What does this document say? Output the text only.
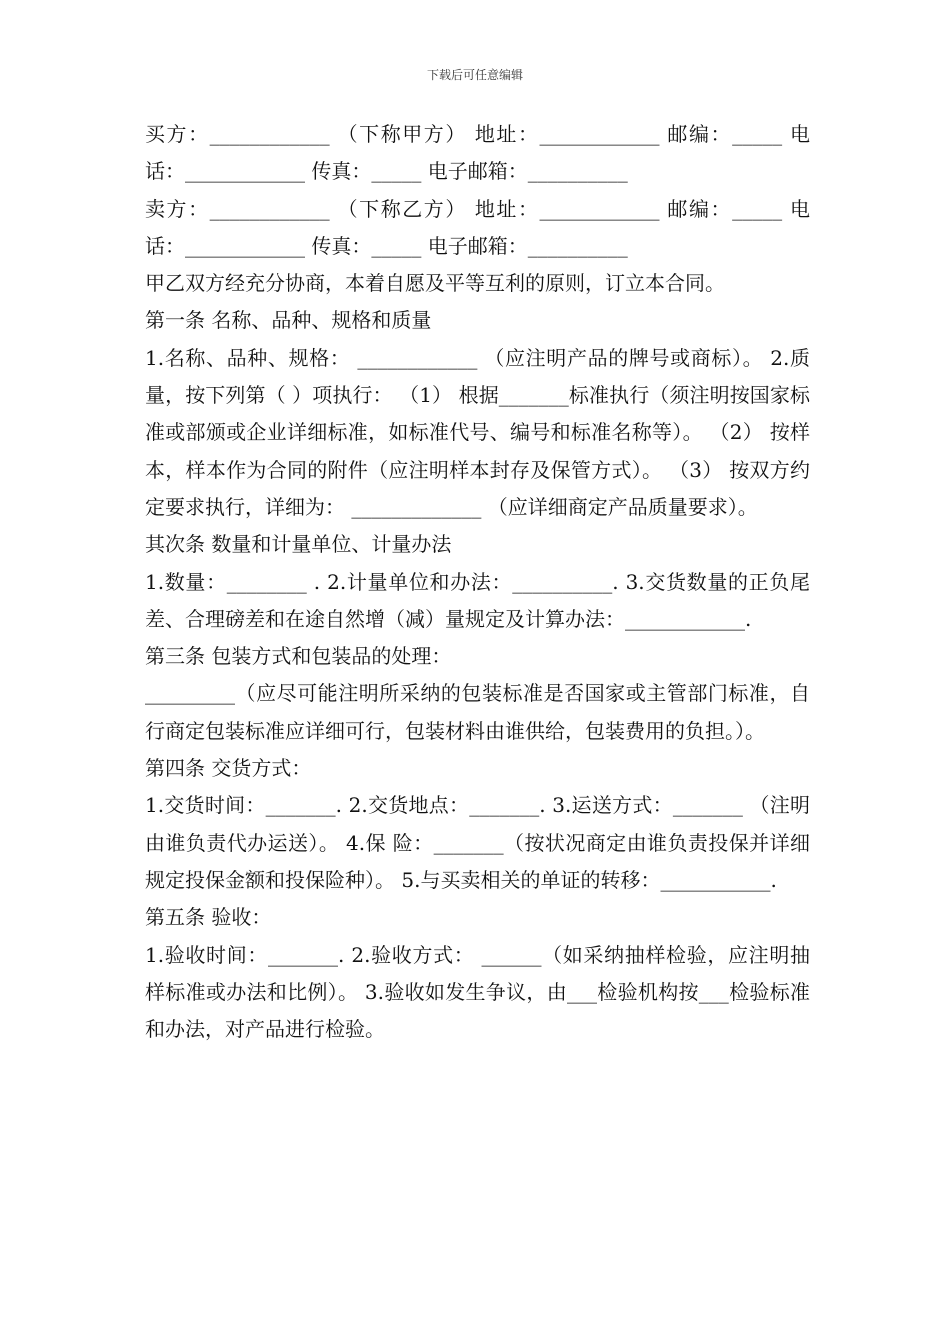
下载后可任意编辑

买方：____________ （下称甲方） 地址：____________ 邮编：_____ 电话：____________ 传真：_____ 电子邮箱：__________

卖方：____________ （下称乙方） 地址：____________ 邮编：_____ 电话：____________ 传真：_____ 电子邮箱：__________

甲乙双方经充分协商，本着自愿及平等互利的原则，订立本合同。

第一条 名称、品种、规格和质量

1.名称、品种、规格： ____________ （应注明产品的牌号或商标）。 2.质量，按下列第（ ）项执行： （1） 根据_______标准执行（须注明按国家标准或部颁或企业详细标准，如标准代号、编号和标准名称等）。 （2） 按样本，样本作为合同的附件（应注明样本封存及保管方式）。 （3） 按双方约定要求执行，详细为： _____________ （应详细商定产品质量要求）。

其次条 数量和计量单位、计量办法

1.数量：________ . 2.计量单位和办法：__________. 3.交货数量的正负尾差、合理磅差和在途自然增（减）量规定及计算办法：____________.

第三条 包装方式和包装品的处理：

_________（应尽可能注明所采纳的包装标准是否国家或主管部门标准，自行商定包装标准应详细可行，包装材料由谁供给，包装费用的负担。）。

第四条 交货方式：

1.交货时间：_______. 2.交货地点：_______. 3.运送方式：_______ （注明由谁负责代办运送）。 4.保 险：_______（按状况商定由谁负责投保并详细规定投保金额和投保险种）。 5.与买卖相关的单证的转移：___________.

第五条 验收：

1.验收时间：_______. 2.验收方式： ______（如采纳抽样检验，应注明抽样标准或办法和比例）。 3.验收如发生争议，由___检验机构按___检验标准和办法，对产品进行检验。
